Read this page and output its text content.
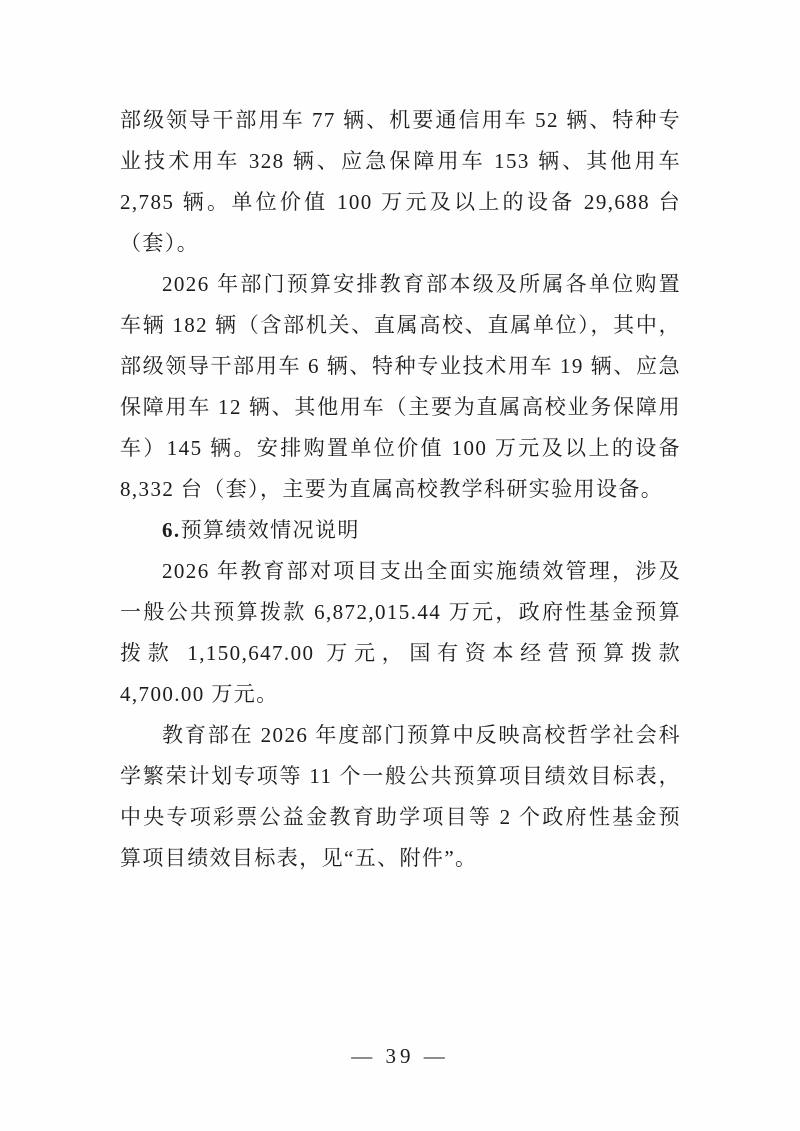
部级领导干部用车 77 辆、机要通信用车 52 辆、特种专业技术用车 328 辆、应急保障用车 153 辆、其他用车 2,785 辆。单位价值 100 万元及以上的设备 29,688 台（套）。

2026 年部门预算安排教育部本级及所属各单位购置车辆 182 辆（含部机关、直属高校、直属单位），其中，部级领导干部用车 6 辆、特种专业技术用车 19 辆、应急保障用车 12 辆、其他用车（主要为直属高校业务保障用车）145 辆。安排购置单位价值 100 万元及以上的设备 8,332 台（套），主要为直属高校教学科研实验用设备。

6.预算绩效情况说明

2026 年教育部对项目支出全面实施绩效管理，涉及一般公共预算拨款 6,872,015.44 万元，政府性基金预算拨款 1,150,647.00 万元，国有资本经营预算拨款 4,700.00 万元。

教育部在 2026 年度部门预算中反映高校哲学社会科学繁荣计划专项等 11 个一般公共预算项目绩效目标表，中央专项彩票公益金教育助学项目等 2 个政府性基金预算项目绩效目标表，见“五、附件”。

— 39 —
